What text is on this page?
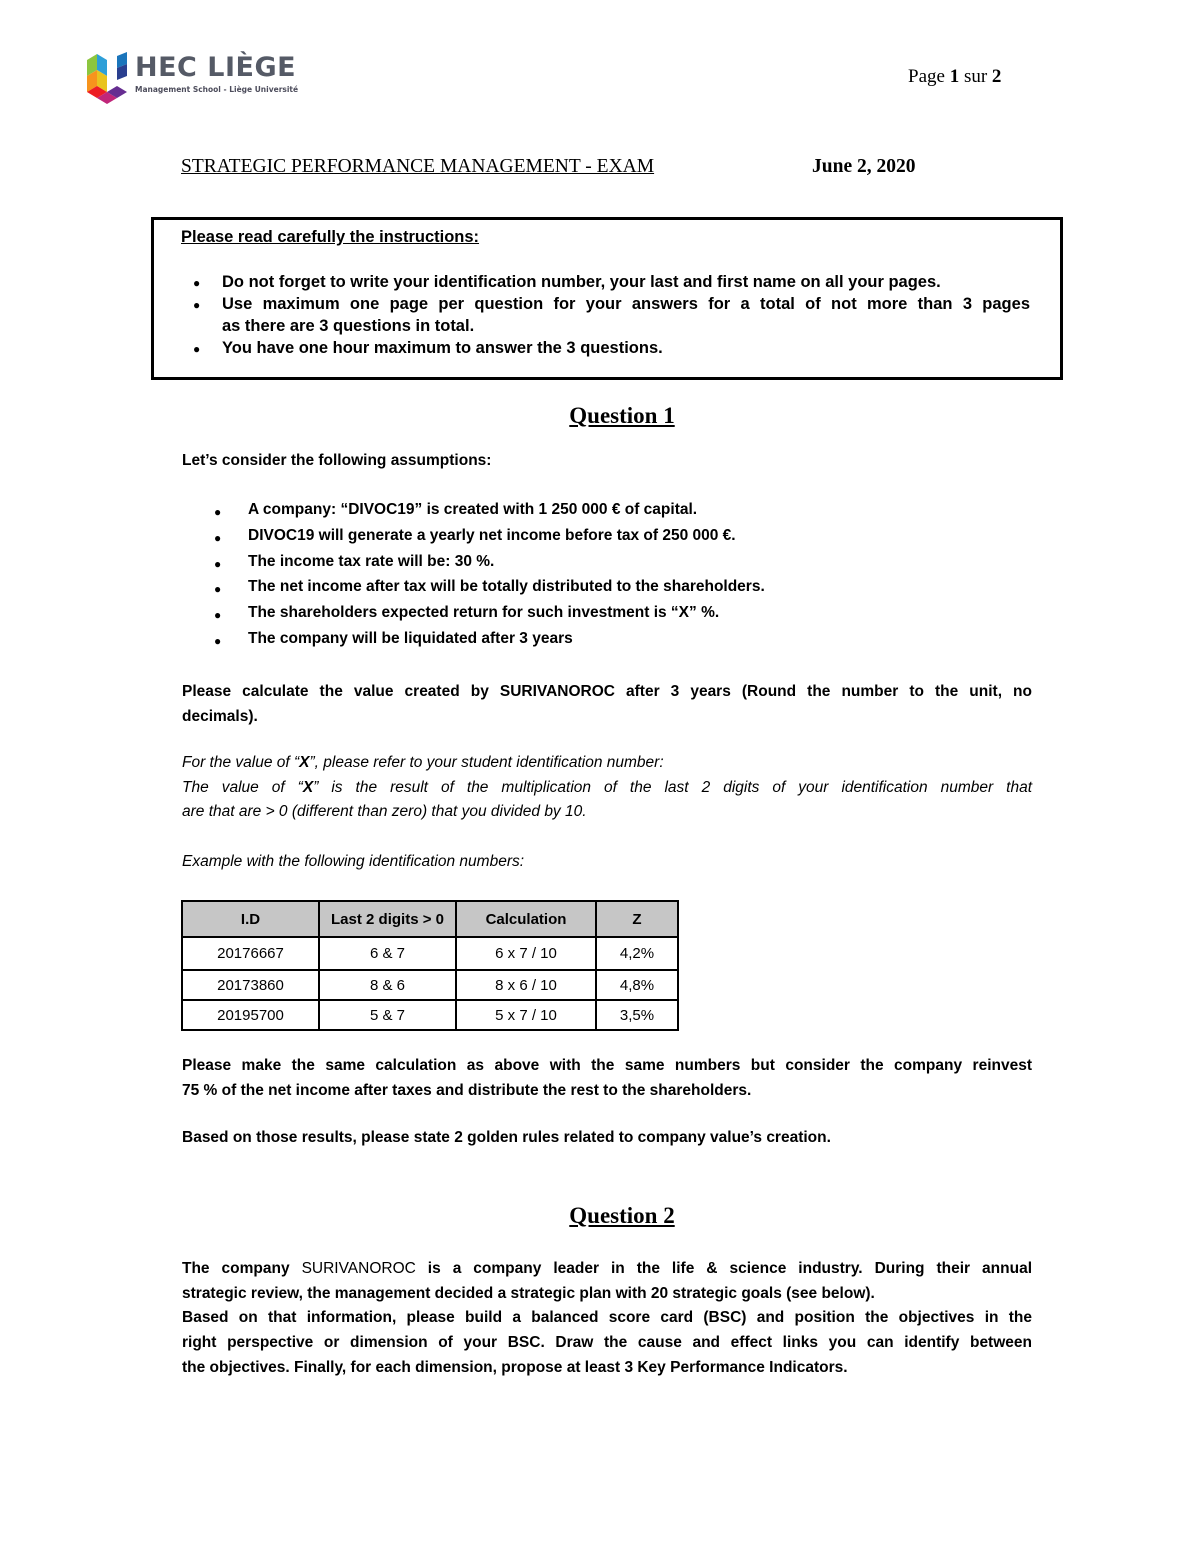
HEC LIÈGE
Management School - Liège Université
Page 1 sur 2
STRATEGIC PERFORMANCE MANAGEMENT - EXAM	June 2, 2020
Please read carefully the instructions:
● Do not forget to write your identification number, your last and first name on all your pages.
● Use maximum one page per question for your answers for a total of not more than 3 pages
as there are 3 questions in total.
● You have one hour maximum to answer the 3 questions.
Question 1
Let’s consider the following assumptions:
● A company: “DIVOC19” is created with 1 250 000 € of capital.
● DIVOC19 will generate a yearly net income before tax of 250 000 €.
● The income tax rate will be: 30 %.
● The net income after tax will be totally distributed to the shareholders.
● The shareholders expected return for such investment is “X” %.
● The company will be liquidated after 3 years
Please calculate the value created by SURIVANOROC after 3 years (Round the number to the unit, no
decimals).
For the value of “X”, please refer to your student identification number:
The value of “X” is the result of the multiplication of the last 2 digits of your identification number that
are that are > 0 (different than zero) that you divided by 10.
Example with the following identification numbers:
I.D	Last 2 digits > 0	Calculation	Z
20176667	6 & 7	6 x 7 / 10	4,2%
20173860	8 & 6	8 x 6 / 10	4,8%
20195700	5 & 7	5 x 7 / 10	3,5%
Please make the same calculation as above with the same numbers but consider the company reinvest
75 % of the net income after taxes and distribute the rest to the shareholders.
Based on those results, please state 2 golden rules related to company value’s creation.
Question 2
The company SURIVANOROC is a company leader in the life & science industry. During their annual
strategic review, the management decided a strategic plan with 20 strategic goals (see below).
Based on that information, please build a balanced score card (BSC) and position the objectives in the
right perspective or dimension of your BSC. Draw the cause and effect links you can identify between
the objectives. Finally, for each dimension, propose at least 3 Key Performance Indicators.
